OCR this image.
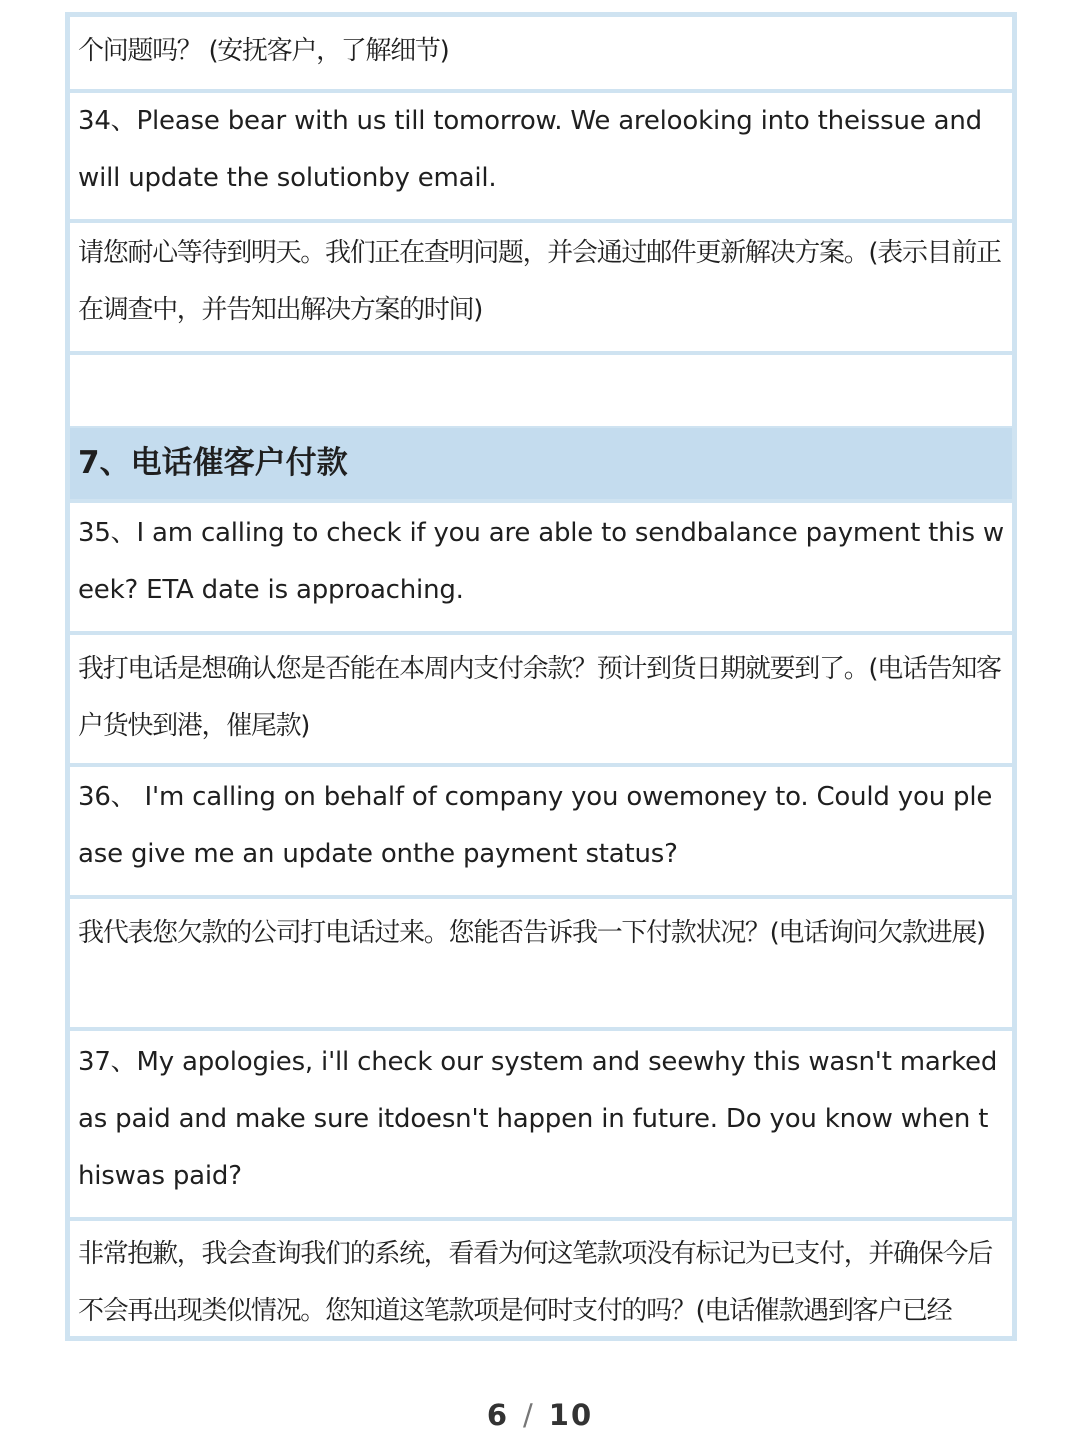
个问题吗？ (安抚客户，了解细节)

34、Please bear with us till tomorrow. We arelooking into theissue and will update the solutionby email.

请您耐心等待到明天。我们正在查明问题，并会通过邮件更新解决方案。(表示目前正在调查中，并告知出解决方案的时间)

7、电话催客户付款

35、I am calling to check if you are able to sendbalance payment this week? ETA date is approaching.

我打电话是想确认您是否能在本周内支付余款？预计到货日期就要到了。(电话告知客户货快到港，催尾款)

36、 I'm calling on behalf of company you owemoney to. Could you please give me an update onthe payment status?

我代表您欠款的公司打电话过来。您能否告诉我一下付款状况？(电话询问欠款进展)

37、My apologies, i'll check our system and seewhy this wasn't marked as paid and make sure itdoesn't happen in future. Do you know when thiswas paid?

非常抱歉，我会查询我们的系统，看看为何这笔款项没有标记为已支付，并确保今后不会再出现类似情况。您知道这笔款项是何时支付的吗？(电话催款遇到客户已经

6 / 10
